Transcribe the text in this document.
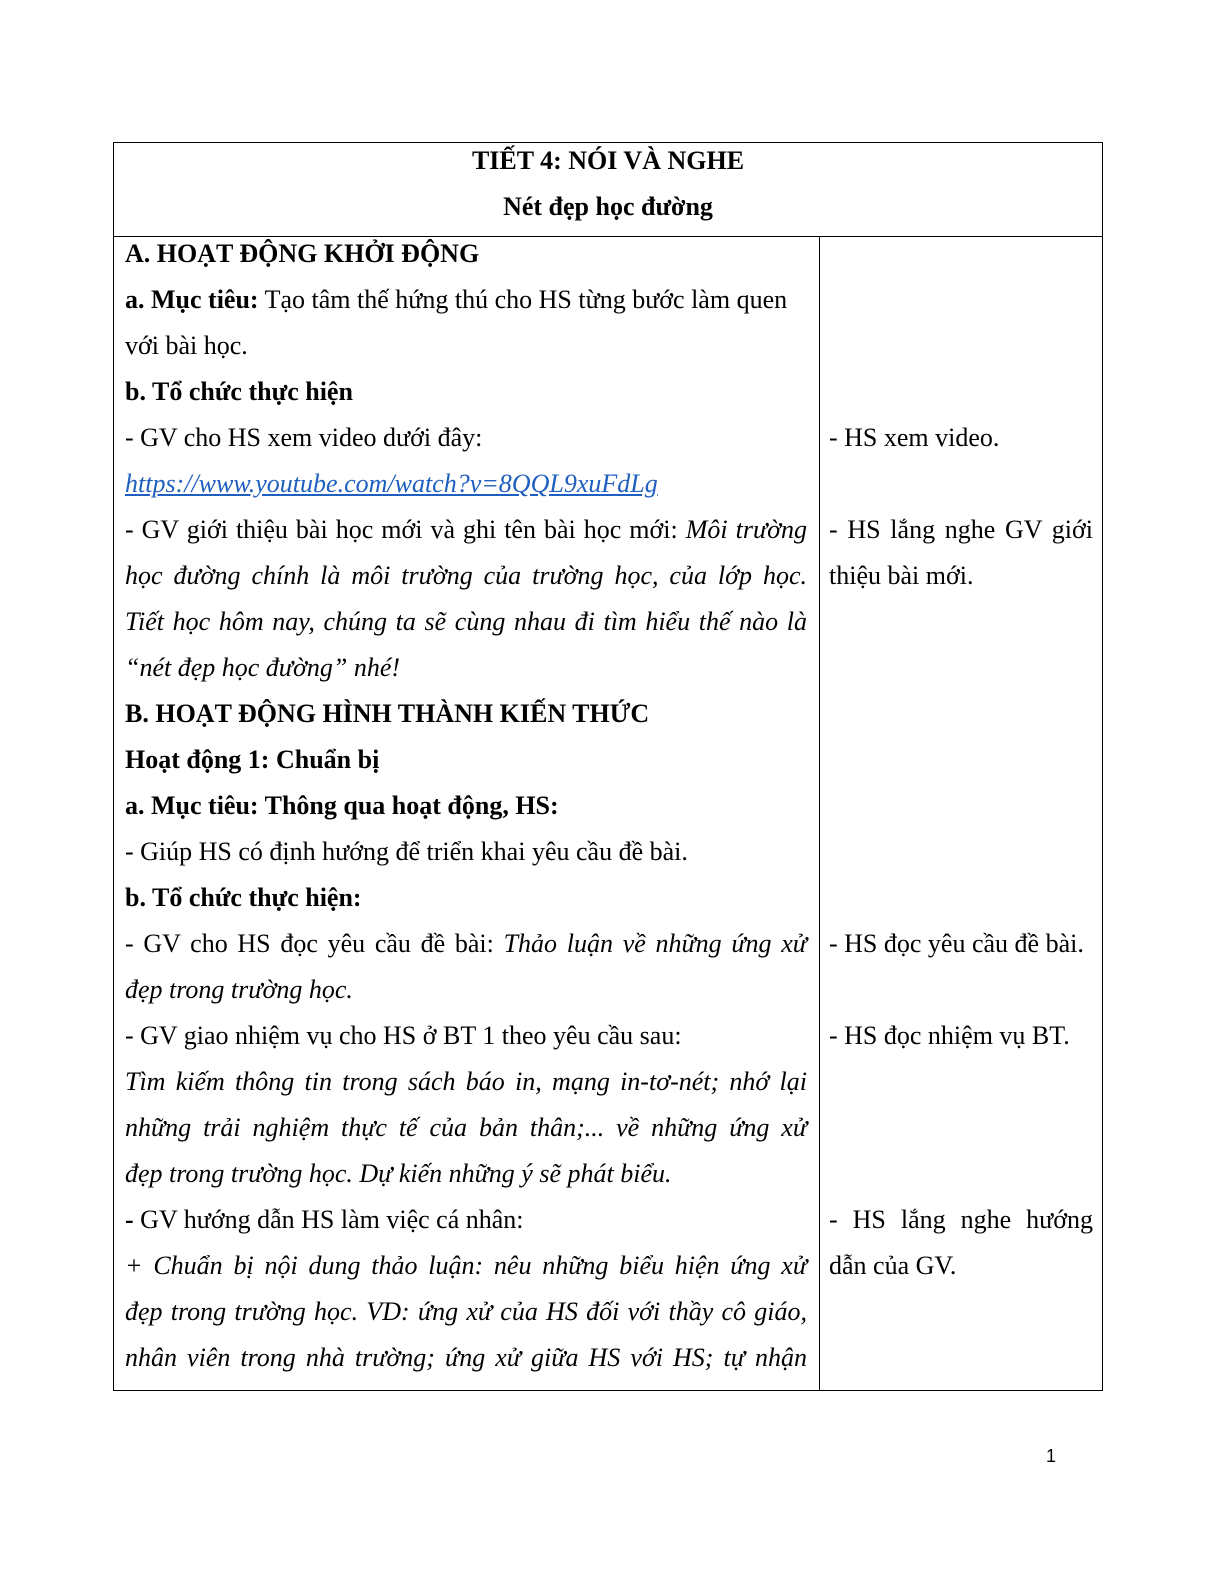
TIẾT 4: NÓI VÀ NGHE
Nét đẹp học đường
A. HOẠT ĐỘNG KHỞI ĐỘNG
a. Mục tiêu: Tạo tâm thế hứng thú cho HS từng bước làm quen
với bài học.
b. Tổ chức thực hiện
- GV cho HS xem video dưới đây:
https://www.youtube.com/watch?v=8QQL9xuFdLg
- GV giới thiệu bài học mới và ghi tên bài học mới: Môi trường
học đường chính là môi trường của trường học, của lớp học.
Tiết học hôm nay, chúng ta sẽ cùng nhau đi tìm hiểu thế nào là
“nét đẹp học đường” nhé!
B. HOẠT ĐỘNG HÌNH THÀNH KIẾN THỨC
Hoạt động 1: Chuẩn bị
a. Mục tiêu: Thông qua hoạt động, HS:
- Giúp HS có định hướng để triển khai yêu cầu đề bài.
b. Tổ chức thực hiện:
- GV cho HS đọc yêu cầu đề bài: Thảo luận về những ứng xử
đẹp trong trường học.
- GV giao nhiệm vụ cho HS ở BT 1 theo yêu cầu sau:
Tìm kiếm thông tin trong sách báo in, mạng in-tơ-nét; nhớ lại
những trải nghiệm thực tế của bản thân;... về những ứng xử
đẹp trong trường học. Dự kiến những ý sẽ phát biểu.
- GV hướng dẫn HS làm việc cá nhân:
+ Chuẩn bị nội dung thảo luận: nêu những biểu hiện ứng xử
đẹp trong trường học. VD: ứng xử của HS đối với thầy cô giáo,
nhân viên trong nhà trường; ứng xử giữa HS với HS; tự nhận
- HS xem video.
- HS lắng nghe GV giới
thiệu bài mới.
- HS đọc yêu cầu đề bài.
- HS đọc nhiệm vụ BT.
- HS lắng nghe hướng
dẫn của GV.
1
